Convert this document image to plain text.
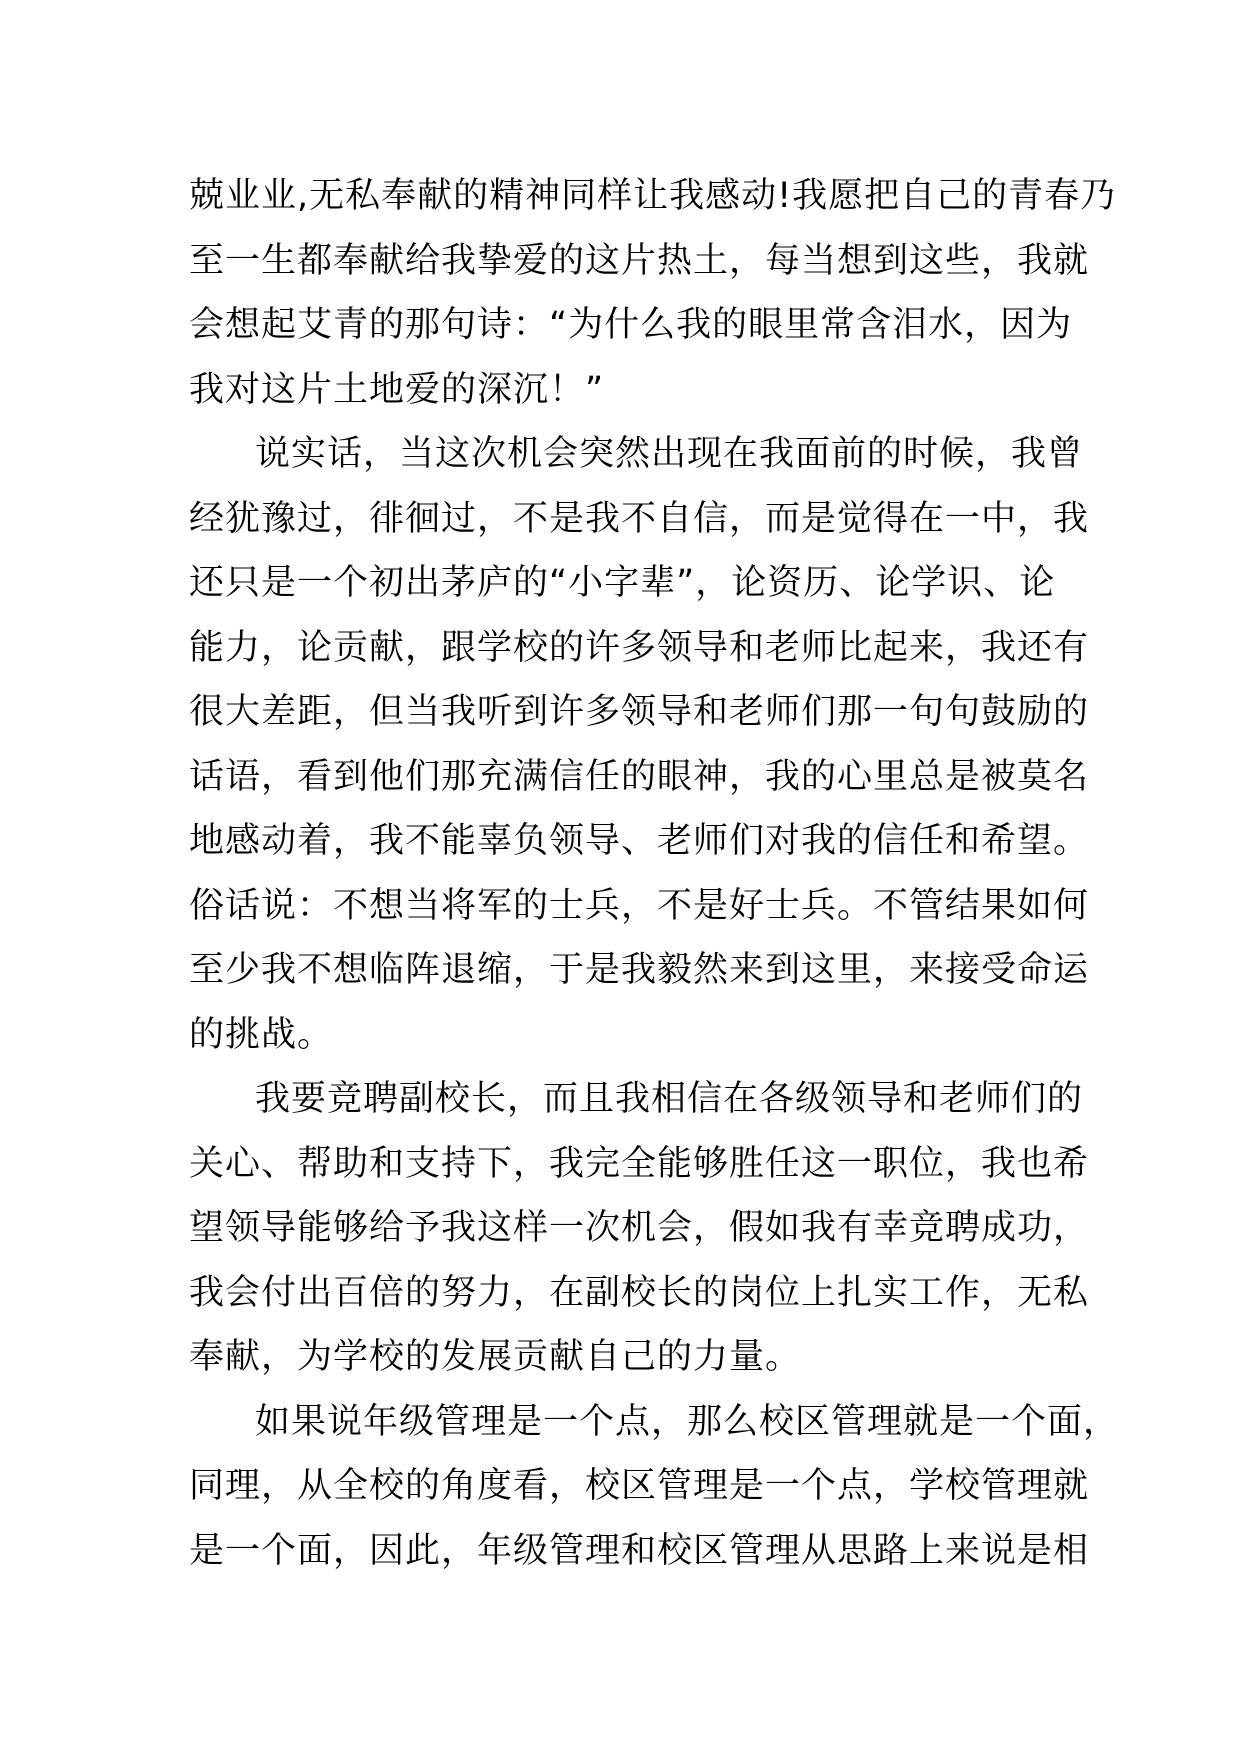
兢业业,无私奉献的精神同样让我感动!我愿把自己的青春乃
至一生都奉献给我挚爱的这片热土，每当想到这些，我就
会想起艾青的那句诗：“为什么我的眼里常含泪水，因为
我对这片土地爱的深沉！”
说实话，当这次机会突然出现在我面前的时候，我曾
经犹豫过，徘徊过，不是我不自信，而是觉得在一中，我
还只是一个初出茅庐的“小字辈”，论资历、论学识、论
能力，论贡献，跟学校的许多领导和老师比起来，我还有
很大差距，但当我听到许多领导和老师们那一句句鼓励的
话语，看到他们那充满信任的眼神，我的心里总是被莫名
地感动着，我不能辜负领导、老师们对我的信任和希望。
俗话说：不想当将军的士兵，不是好士兵。不管结果如何
至少我不想临阵退缩，于是我毅然来到这里，来接受命运
的挑战。
我要竞聘副校长，而且我相信在各级领导和老师们的
关心、帮助和支持下，我完全能够胜任这一职位，我也希
望领导能够给予我这样一次机会，假如我有幸竞聘成功，
我会付出百倍的努力，在副校长的岗位上扎实工作，无私
奉献，为学校的发展贡献自己的力量。
如果说年级管理是一个点，那么校区管理就是一个面，
同理，从全校的角度看，校区管理是一个点，学校管理就
是一个面，因此，年级管理和校区管理从思路上来说是相
